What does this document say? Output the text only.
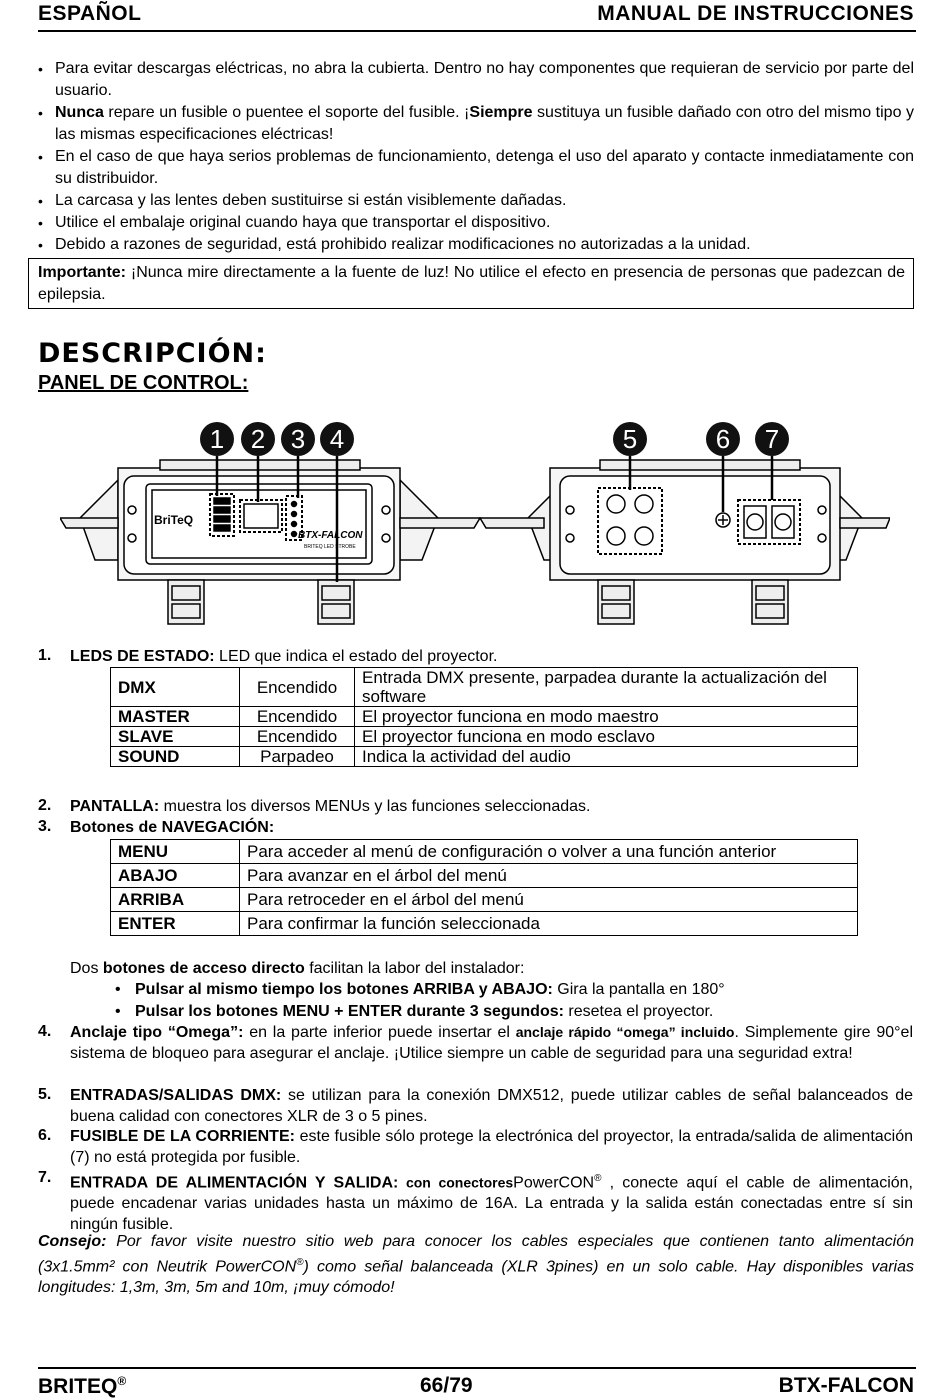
ESPAÑOL	MANUAL DE INSTRUCCIONES
• Para evitar descargas eléctricas, no abra la cubierta. Dentro no hay componentes que requieran de servicio por parte del usuario.
• Nunca repare un fusible o puentee el soporte del fusible. ¡Siempre sustituya un fusible dañado con otro del mismo tipo y las mismas especificaciones eléctricas!
• En el caso de que haya serios problemas de funcionamiento, detenga el uso del aparato y contacte inmediatamente con su distribuidor.
• La carcasa y las lentes deben sustituirse si están visiblemente dañadas.
• Utilice el embalaje original cuando haya que transportar el dispositivo.
• Debido a razones de seguridad, está prohibido realizar modificaciones no autorizadas a la unidad.
Importante: ¡Nunca mire directamente a la fuente de luz! No utilice el efecto en presencia de personas que padezcan de epilepsia.
DESCRIPCIÓN:
PANEL DE CONTROL:
BriTeQ
BTX-FALCON
BRITEQ LED STROBE
1	2 3 4	5	6	7
1. LEDS DE ESTADO: LED que indica el estado del proyector.
DMX	Encendido	Entrada DMX presente, parpadea durante la actualización del software
MASTER	Encendido	El proyector funciona en modo maestro
SLAVE	Encendido	El proyector funciona en modo esclavo
SOUND	Parpadeo	Indica la actividad del audio
2. PANTALLA: muestra los diversos MENUs y las funciones seleccionadas.
3. Botones de NAVEGACIÓN:
MENU	Para acceder al menú de configuración o volver a una función anterior
ABAJO	Para avanzar en el árbol del menú
ARRIBA	Para retroceder en el árbol del menú
ENTER	Para confirmar la función seleccionada
Dos botones de acceso directo facilitan la labor del instalador:
• Pulsar al mismo tiempo los botones ARRIBA y ABAJO: Gira la pantalla en 180°
• Pulsar los botones MENU + ENTER durante 3 segundos: resetea el proyector.
4. Anclaje tipo “Omega”: en la parte inferior puede insertar el anclaje rápido “omega” incluido. Simplemente gire 90°el sistema de bloqueo para asegurar el anclaje. ¡Utilice siempre un cable de seguridad para una seguridad extra!
5. ENTRADAS/SALIDAS DMX: se utilizan para la conexión DMX512, puede utilizar cables de señal balanceados de buena calidad con conectores XLR de 3 o 5 pines.
6. FUSIBLE DE LA CORRIENTE: este fusible sólo protege la electrónica del proyector, la entrada/salida de alimentación (7) no está protegida por fusible.
7. ENTRADA DE ALIMENTACIÓN Y SALIDA: con conectoresPowerCON® , conecte aquí el cable de alimentación, puede encadenar varias unidades hasta un máximo de 16A. La entrada y la salida están conectadas entre sí sin ningún fusible.
Consejo: Por favor visite nuestro sitio web para conocer los cables especiales que contienen tanto alimentación (3x1.5mm² con Neutrik PowerCON®) como señal balanceada (XLR 3pines) en un solo cable. Hay disponibles varias longitudes: 1,3m, 3m, 5m and 10m, ¡muy cómodo!
BRITEQ®	66/79	BTX-FALCON
